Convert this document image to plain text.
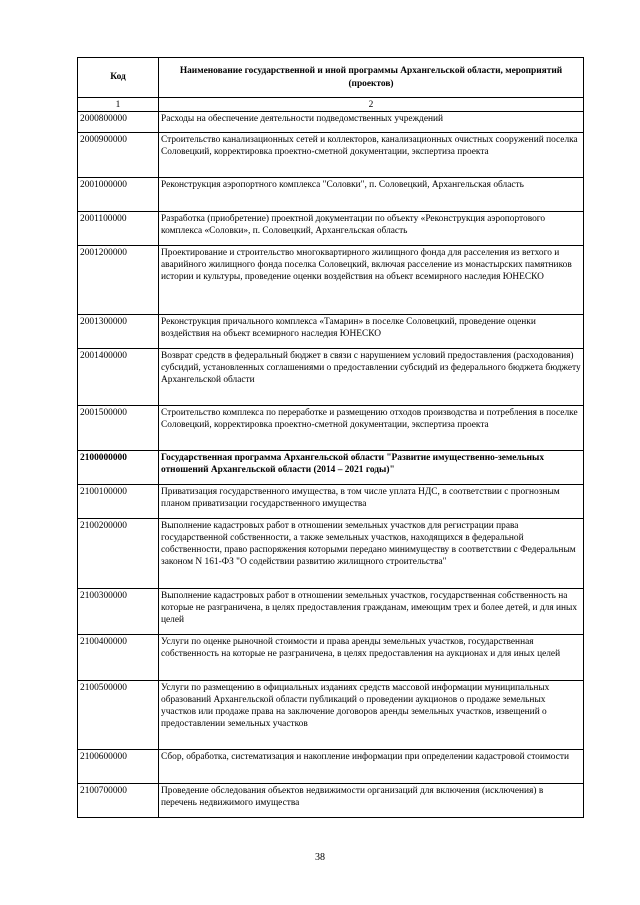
Код	Наименование государственной и иной программы Архангельской области, мероприятий (проектов)
1	2
2000800000	Расходы на обеспечение деятельности подведомственных учреждений
2000900000	Строительство канализационных сетей и коллекторов, канализационных очистных сооружений поселка Соловецкий, корректировка проектно-сметной документации, экспертиза проекта
2001000000	Реконструкция аэропортного комплекса "Соловки", п. Соловецкий, Архангельская область
2001100000	Разработка (приобретение) проектной документации по объекту «Реконструкция аэропортового комплекса «Соловки», п. Соловецкий, Архангельская область
2001200000	Проектирование и строительство многоквартирного жилищного фонда для расселения из ветхого и аварийного жилищного фонда поселка Соловецкий, включая расселение из монастырских памятников истории и культуры, проведение оценки воздействия на объект всемирного наследия ЮНЕСКО
2001300000	Реконструкция причального комплекса «Тамарин» в поселке Соловецкий, проведение оценки воздействия на объект всемирного наследия ЮНЕСКО
2001400000	Возврат средств в федеральный бюджет в связи с нарушением условий предоставления (расходования) субсидий, установленных соглашениями о предоставлении субсидий из федерального бюджета бюджету Архангельской области
2001500000	Строительство комплекса по переработке и размещению отходов производства и потребления в поселке Соловецкий, корректировка проектно-сметной документации, экспертиза проекта
2100000000	Государственная программа Архангельской области "Развитие имущественно-земельных отношений Архангельской области (2014 – 2021 годы)"
2100100000	Приватизация государственного имущества, в том числе уплата НДС, в соответствии с прогнозным планом приватизации государственного имущества
2100200000	Выполнение кадастровых работ в отношении земельных участков для регистрации права государственной собственности, а также земельных участков, находящихся в федеральной собственности, право распоряжения которыми передано минимуществу в соответствии с Федеральным законом N 161-ФЗ "О содействии развитию жилищного строительства"
2100300000	Выполнение кадастровых работ в отношении земельных участков, государственная собственность на которые не разграничена, в целях предоставления гражданам, имеющим трех и более детей, и для иных целей
2100400000	Услуги по оценке рыночной стоимости и права аренды земельных участков, государственная собственность на которые не разграничена, в целях предоставления на аукционах и для иных целей
2100500000	Услуги по размещению в официальных изданиях средств массовой информации муниципальных образований Архангельской области публикаций о проведении аукционов о продаже земельных участков или продаже права на заключение договоров аренды земельных участков, извещений о предоставлении земельных участков
2100600000	Сбор, обработка, систематизация и накопление информации при определении кадастровой стоимости
2100700000	Проведение обследования объектов недвижимости организаций для включения (исключения) в перечень недвижимого имущества
38
